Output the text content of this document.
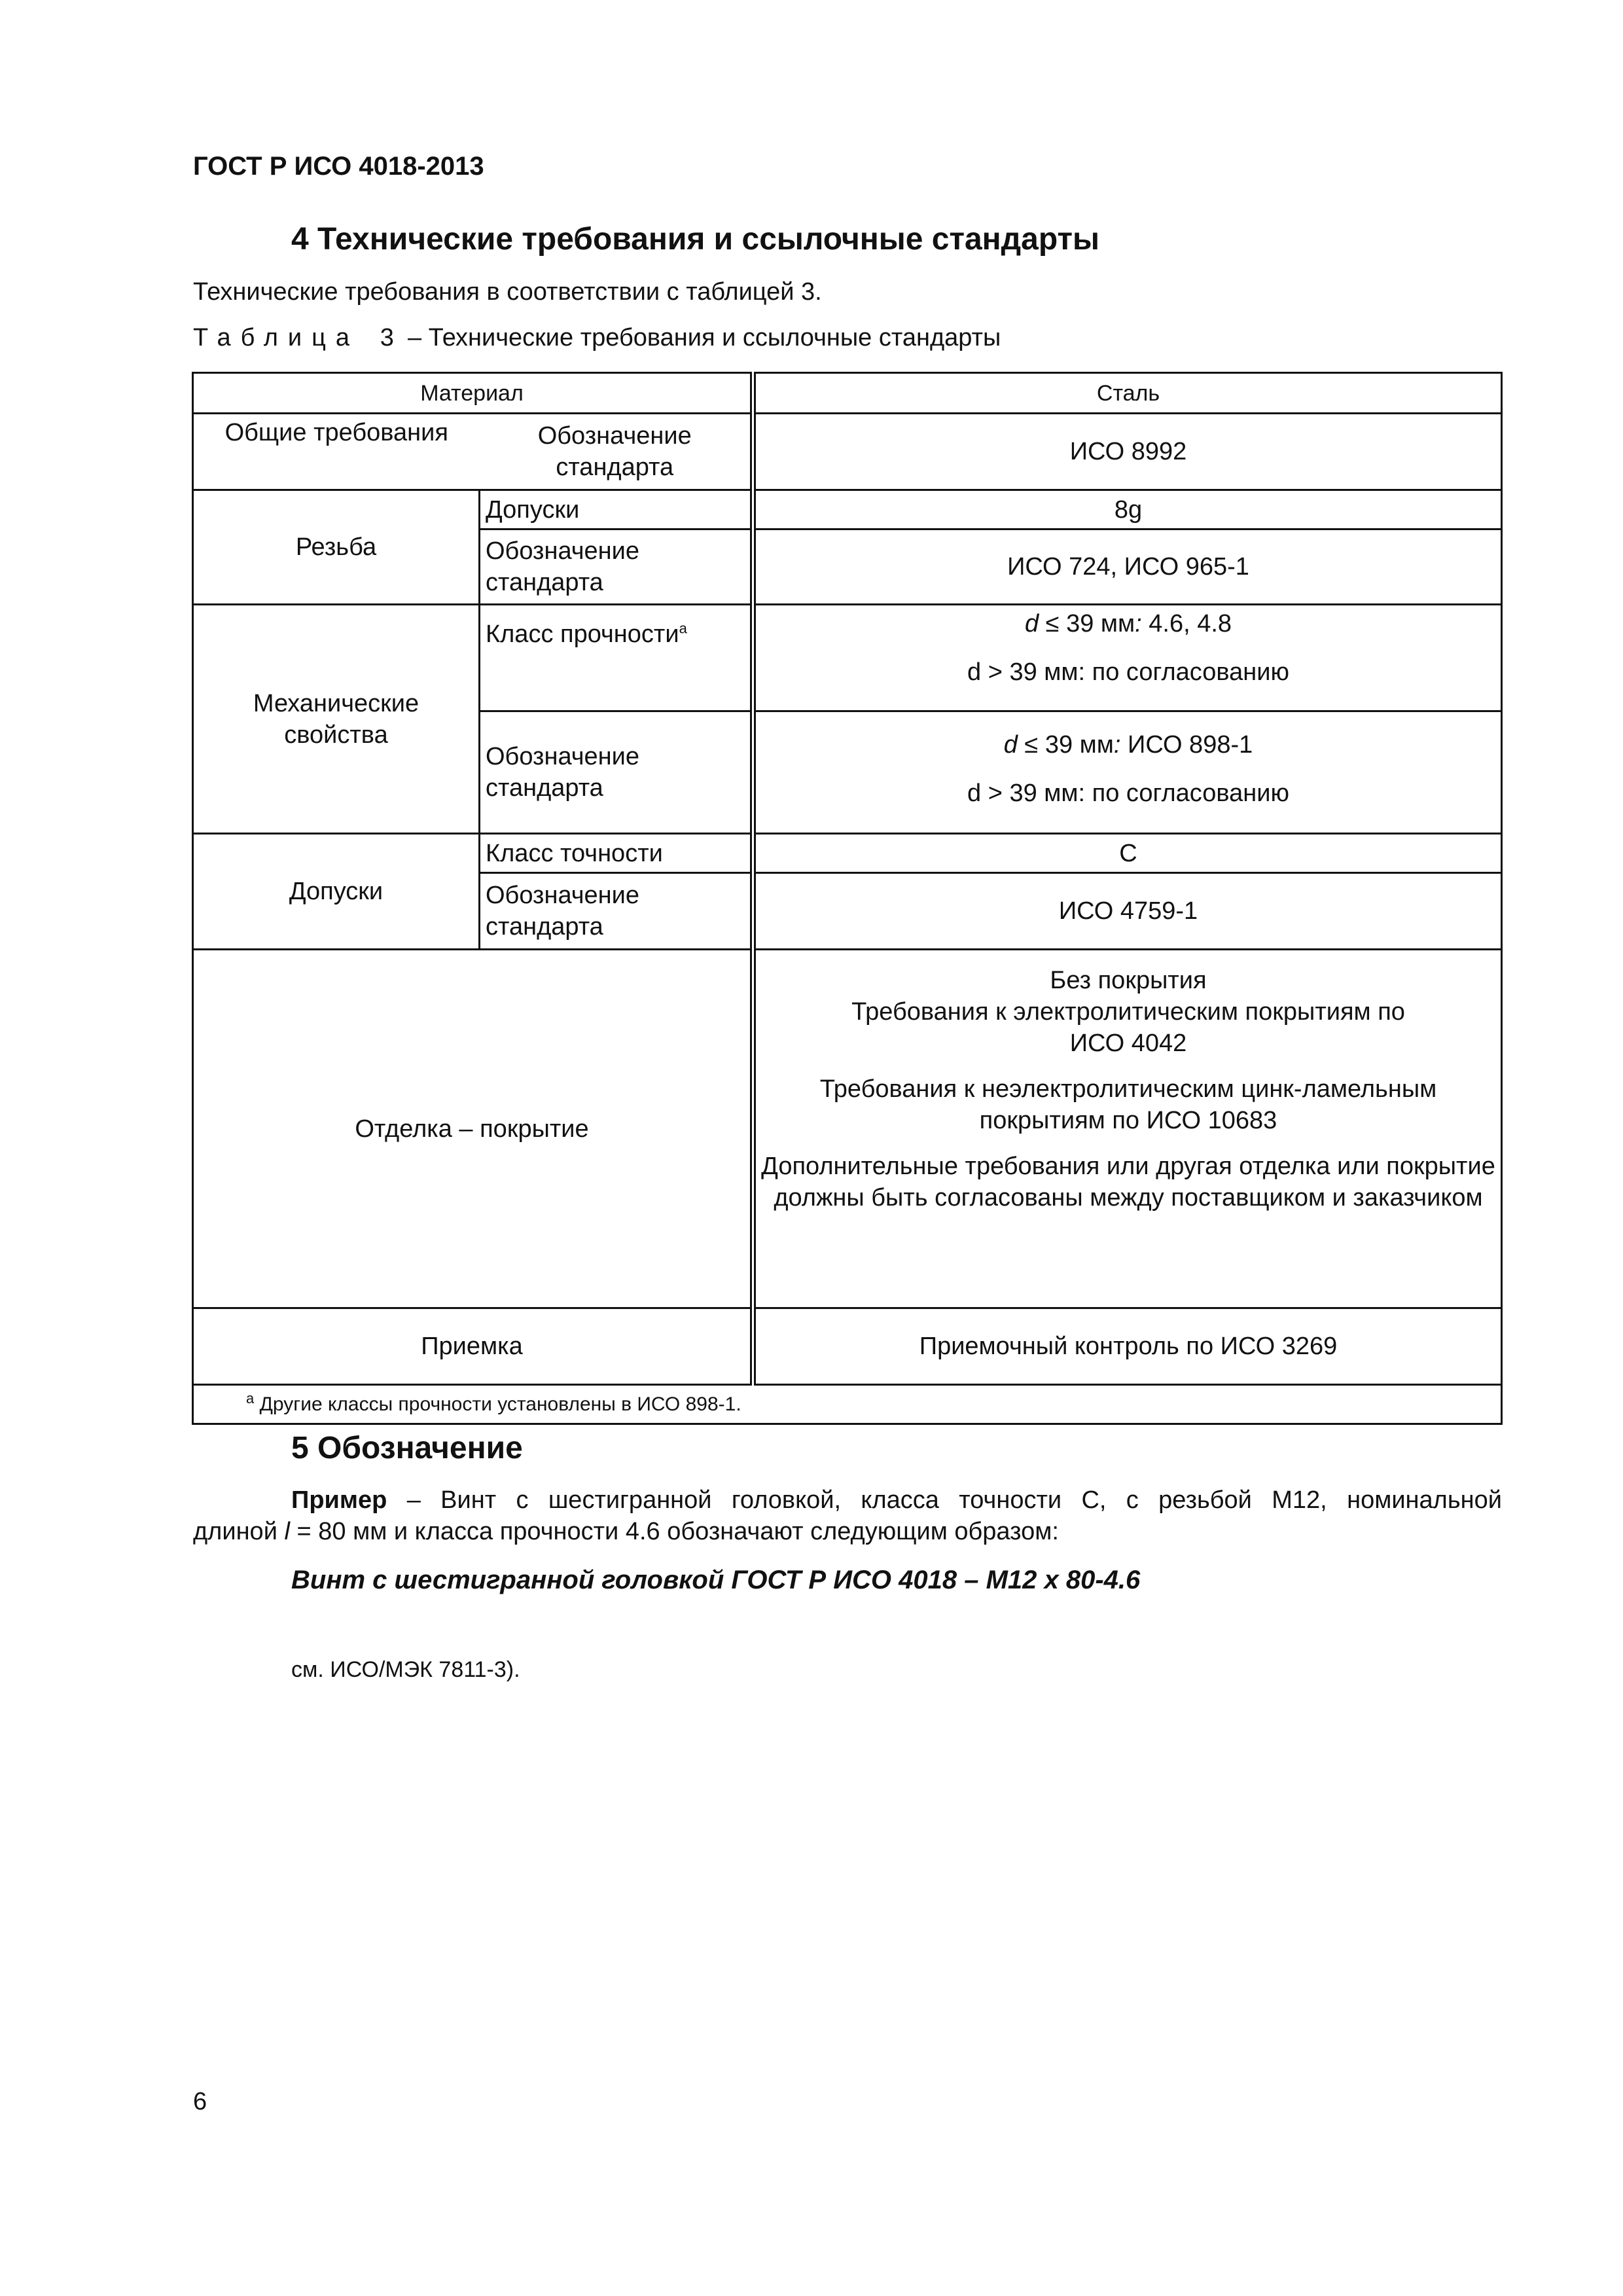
ГОСТ Р ИСО 4018-2013
4 Технические требования и ссылочные стандарты
Технические требования в соответствии с таблицей 3.
Таблица 3 – Технические требования и ссылочные стандарты
Материал		Сталь
Общие требования	Обозначение стандарта	ИСО 8992
Резьба	Допуски	8g
	Обозначение стандарта	ИСО 724, ИСО 965-1
Механические свойства	Класс прочности$^a$	d ≤ 39 мм: 4.6, 4.8
d > 39 мм: по согласованию

	Обозначение стандарта	d ≤ 39 мм: ИСО 898-1
d > 39 мм: по согласованию

Допуски	Класс точности	C
	Обозначение стандарта	ИСО 4759-1
Отделка – покрытие		Без покрытия
Требования к электролитическим покрытиям по
ИСО 4042
Требования к неэлектролитическим цинк-ламельным покрытиям по ИСО 10683
Дополнительные требования или другая отделка или покрытие должны быть согласованы между поставщиком и заказчиком

Приемка		Приемочный контроль по ИСО 3269
$^a$ Другие классы прочности установлены в ИСО 898-1.		
5 Обозначение
Пример – Винт с шестигранной головкой, класса точности C, с резьбой M12, номинальной
длиной l = 80 мм и класса прочности 4.6 обозначают следующим образом:
Винт с шестигранной головкой ГОСТ Р ИСО 4018 – M12 x 80-4.6
см. ИСО/МЭК 7811-3).
6
